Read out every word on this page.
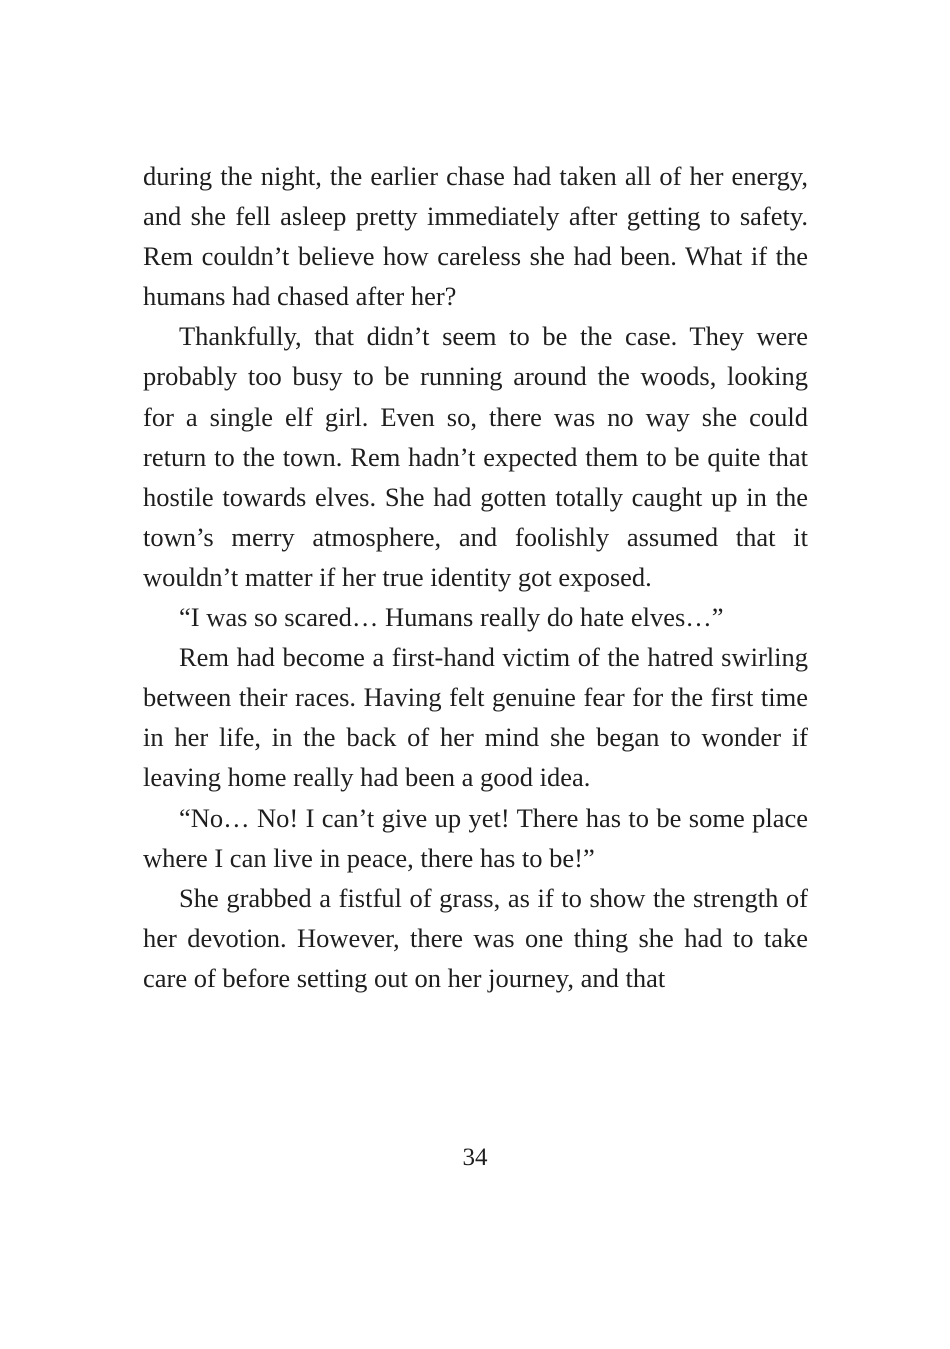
during the night, the earlier chase had taken all of her energy, and she fell asleep pretty immediately after getting to safety. Rem couldn’t believe how careless she had been. What if the humans had chased after her?

Thankfully, that didn’t seem to be the case. They were probably too busy to be running around the woods, looking for a single elf girl. Even so, there was no way she could return to the town. Rem hadn’t expected them to be quite that hostile towards elves. She had gotten totally caught up in the town’s merry atmosphere, and foolishly assumed that it wouldn’t matter if her true identity got exposed.

“I was so scared… Humans really do hate elves…”

Rem had become a first-hand victim of the hatred swirling between their races. Having felt genuine fear for the first time in her life, in the back of her mind she began to wonder if leaving home really had been a good idea.

“No… No! I can’t give up yet! There has to be some place where I can live in peace, there has to be!”

She grabbed a fistful of grass, as if to show the strength of her devotion. However, there was one thing she had to take care of before setting out on her journey, and that

34
